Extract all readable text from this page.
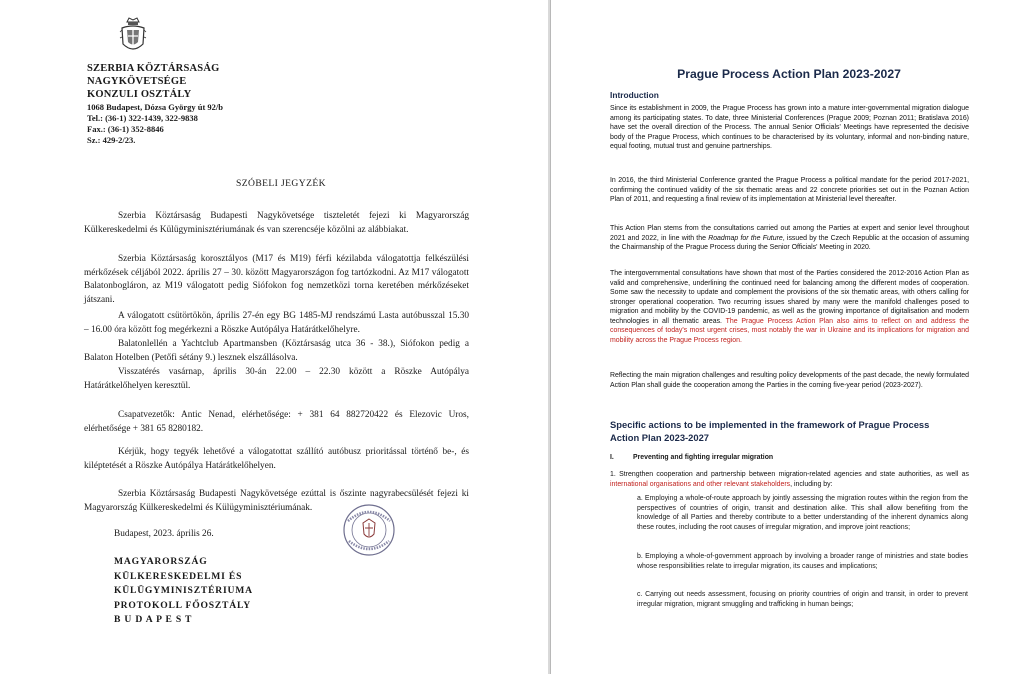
SZERBIA KÖZTÁRSASÁG
NAGYKÖVETSÉGE
KONZULI OSZTÁLY
1068 Budapest, Dózsa György út 92/b
Tel.: (36-1) 322-1439, 322-9838
Fax.: (36-1) 352-8846
Sz.: 429-2/23.
SZÓBELI JEGYZÉK
Szerbia Köztársaság Budapesti Nagykövetsége tiszteletét fejezi ki Magyarország Külkereskedelmi és Külügyminisztériumának és van szerencséje közölni az alábbiakat.
Szerbia Köztársaság korosztályos (M17 és M19) férfi kézilabda válogatottja felkészülési mérkőzések céljából 2022. április 27 – 30. között Magyarországon fog tartózkodni. Az M17 válogatott Balatonbogláron, az M19 válogatott pedig Siófokon fog nemzetközi torna keretében mérkőzéseket játszani.
A válogatott csütörtökön, április 27-én egy BG 1485-MJ rendszámú Lasta autóbusszal 15.30 – 16.00 óra között fog megérkezni a Röszke Autópálya Határátkelőhelyre.
Balatonlellén a Yachtclub Apartmansben (Köztársaság utca 36 - 38.), Siófokon pedig a Balaton Hotelben (Petőfi sétány 9.) lesznek elszállásolva.
Visszatérés vasárnap, április 30-án 22.00 – 22.30 között a Röszke Autópálya Határátkelőhelyen keresztül.
Csapatvezetők: Antic Nenad, elérhetősége: + 381 64 882720422 és Elezovic Uros, elérhetősége + 381 65 8280182.
Kérjük, hogy tegyék lehetővé a válogatottat szállító autóbusz prioritással történő be-, és kiléptetését a Röszke Autópálya Határátkelőhelyen.
Szerbia Köztársaság Budapesti Nagykövetsége ezúttal is őszinte nagyrabecsülését fejezi ki Magyarország Külkereskedelmi és Külügyminisztériumának.
Budapest, 2023. április 26.
MAGYARORSZÁG
KÜLKERESKEDELMI ÉS
KÜLÜGYMINISZTÉRIUMA
PROTOKOLL FŐOSZTÁLY
B U D A P E S T
Prague Process Action Plan 2023-2027
Introduction
Since its establishment in 2009, the Prague Process has grown into a mature inter-governmental migration dialogue among its participating states. To date, three Ministerial Conferences (Prague 2009; Poznan 2011; Bratislava 2016) have set the overall direction of the Process. The annual Senior Officials' Meetings have represented the decisive body of the Prague Process, which continues to be characterised by its voluntary, informal and non-binding nature, equal footing, mutual trust and genuine partnerships.
In 2016, the third Ministerial Conference granted the Prague Process a political mandate for the period 2017-2021, confirming the continued validity of the six thematic areas and 22 concrete priorities set out in the Poznan Action Plan of 2011, and requesting a final review of its implementation at Ministerial level thereafter.
This Action Plan stems from the consultations carried out among the Parties at expert and senior level throughout 2021 and 2022, in line with the Roadmap for the Future, issued by the Czech Republic at the occasion of assuming the Chairmanship of the Prague Process during the Senior Officials' Meeting in 2020.
The intergovernmental consultations have shown that most of the Parties considered the 2012-2016 Action Plan as valid and comprehensive, underlining the continued need for balancing among the different modes of cooperation. Some saw the necessity to update and complement the provisions of the six thematic areas, with others calling for stronger operational cooperation. Two recurring issues shared by many were the manifold challenges posed to migration and mobility by the COVID-19 pandemic, as well as the growing importance of digitalisation and modern technologies in all thematic areas. The Prague Process Action Plan also aims to reflect on and address the consequences of today's most urgent crises, most notably the war in Ukraine and its implications for migration and mobility across the Prague Process region.
Reflecting the main migration challenges and resulting policy developments of the past decade, the newly formulated Action Plan shall guide the cooperation among the Parties in the coming five-year period (2023-2027).
Specific actions to be implemented in the framework of Prague Process
Action Plan 2023-2027
I.	Preventing and fighting irregular migration
1. Strengthen cooperation and partnership between migration-related agencies and state authorities, as well as international organisations and other relevant stakeholders, including by:
a. Employing a whole-of-route approach by jointly assessing the migration routes within the region from the perspectives of countries of origin, transit and destination alike. This shall allow benefiting from the knowledge of all Parties and thereby contribute to a better understanding of the inherent dynamics along these routes, including the root causes of irregular migration, and improve joint reactions;
b. Employing a whole-of-government approach by involving a broader range of ministries and state bodies whose responsibilities relate to irregular migration, its causes and implications;
c. Carrying out needs assessment, focusing on priority countries of origin and transit, in order to prevent irregular migration, migrant smuggling and trafficking in human beings;
